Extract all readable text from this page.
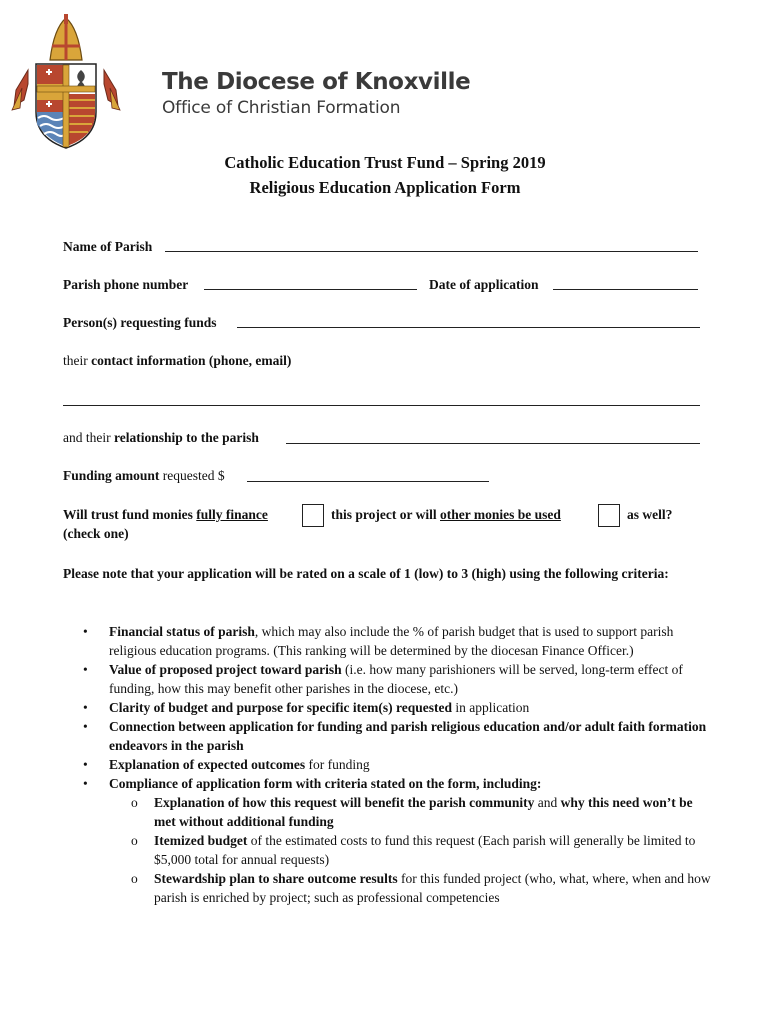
The Diocese of Knoxville
Office of Christian Formation
Catholic Education Trust Fund – Spring 2019
Religious Education Application Form
Name of Parish
Parish phone number	Date of application
Person(s) requesting funds
their contact information (phone, email)
and their relationship to the parish
Funding amount requested $
Will trust fund monies fully finance	this project or will other monies be used	as well?
(check one)
Please note that your application will be rated on a scale of 1 (low) to 3 (high) using the following criteria:
• Financial status of parish, which may also include the % of parish budget that is used to support parish religious education programs. (This ranking will be determined by the diocesan Finance Officer.)
• Value of proposed project toward parish (i.e. how many parishioners will be served, long-term effect of funding, how this may benefit other parishes in the diocese, etc.)
• Clarity of budget and purpose for specific item(s) requested in application
• Connection between application for funding and parish religious education and/or adult faith formation endeavors in the parish
• Explanation of expected outcomes for funding
• Compliance of application form with criteria stated on the form, including:
o Explanation of how this request will benefit the parish community and why this need won’t be met without additional funding
o Itemized budget of the estimated costs to fund this request (Each parish will generally be limited to $5,000 total for annual requests)
o Stewardship plan to share outcome results for this funded project (who, what, where, when and how parish is enriched by project; such as professional competencies
